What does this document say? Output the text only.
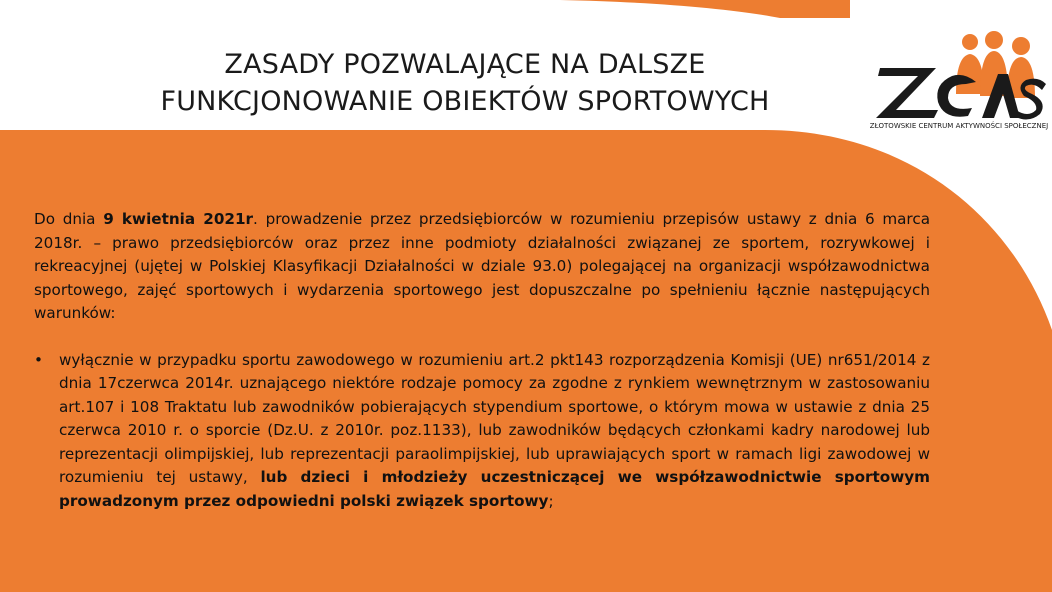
ZASADY POZWALAJĄCE NA DALSZE
FUNKCJONOWANIE OBIEKTÓW SPORTOWYCH
ZŁOTOWSKIE CENTRUM AKTYWNOŚCI SPOŁECZNEJ

Do dnia 9 kwietnia 2021r. prowadzenie przez przedsiębiorców w rozumieniu przepisów ustawy z dnia 6 marca 2018r. – prawo przedsiębiorców oraz przez inne podmioty działalności związanej ze sportem, rozrywkowej i rekreacyjnej (ujętej w Polskiej Klasyfikacji Działalności w dziale 93.0) polegającej na organizacji współzawodnictwa sportowego, zajęć sportowych i wydarzenia sportowego jest dopuszczalne po spełnieniu łącznie następujących warunków:

• wyłącznie w przypadku sportu zawodowego w rozumieniu art.2 pkt143 rozporządzenia Komisji (UE) nr651/2014 z dnia 17czerwca 2014r. uznającego niektóre rodzaje pomocy za zgodne z rynkiem wewnętrznym w zastosowaniu art.107 i 108 Traktatu lub zawodników pobierających stypendium sportowe, o którym mowa w ustawie z dnia 25 czerwca 2010 r. o sporcie (Dz.U. z 2010r. poz.1133), lub zawodników będących członkami kadry narodowej lub reprezentacji olimpijskiej, lub reprezentacji paraolimpijskiej, lub uprawiających sport w ramach ligi zawodowej w rozumieniu tej ustawy, lub dzieci i młodzieży uczestniczącej we współzawodnictwie sportowym prowadzonym przez odpowiedni polski związek sportowy;
